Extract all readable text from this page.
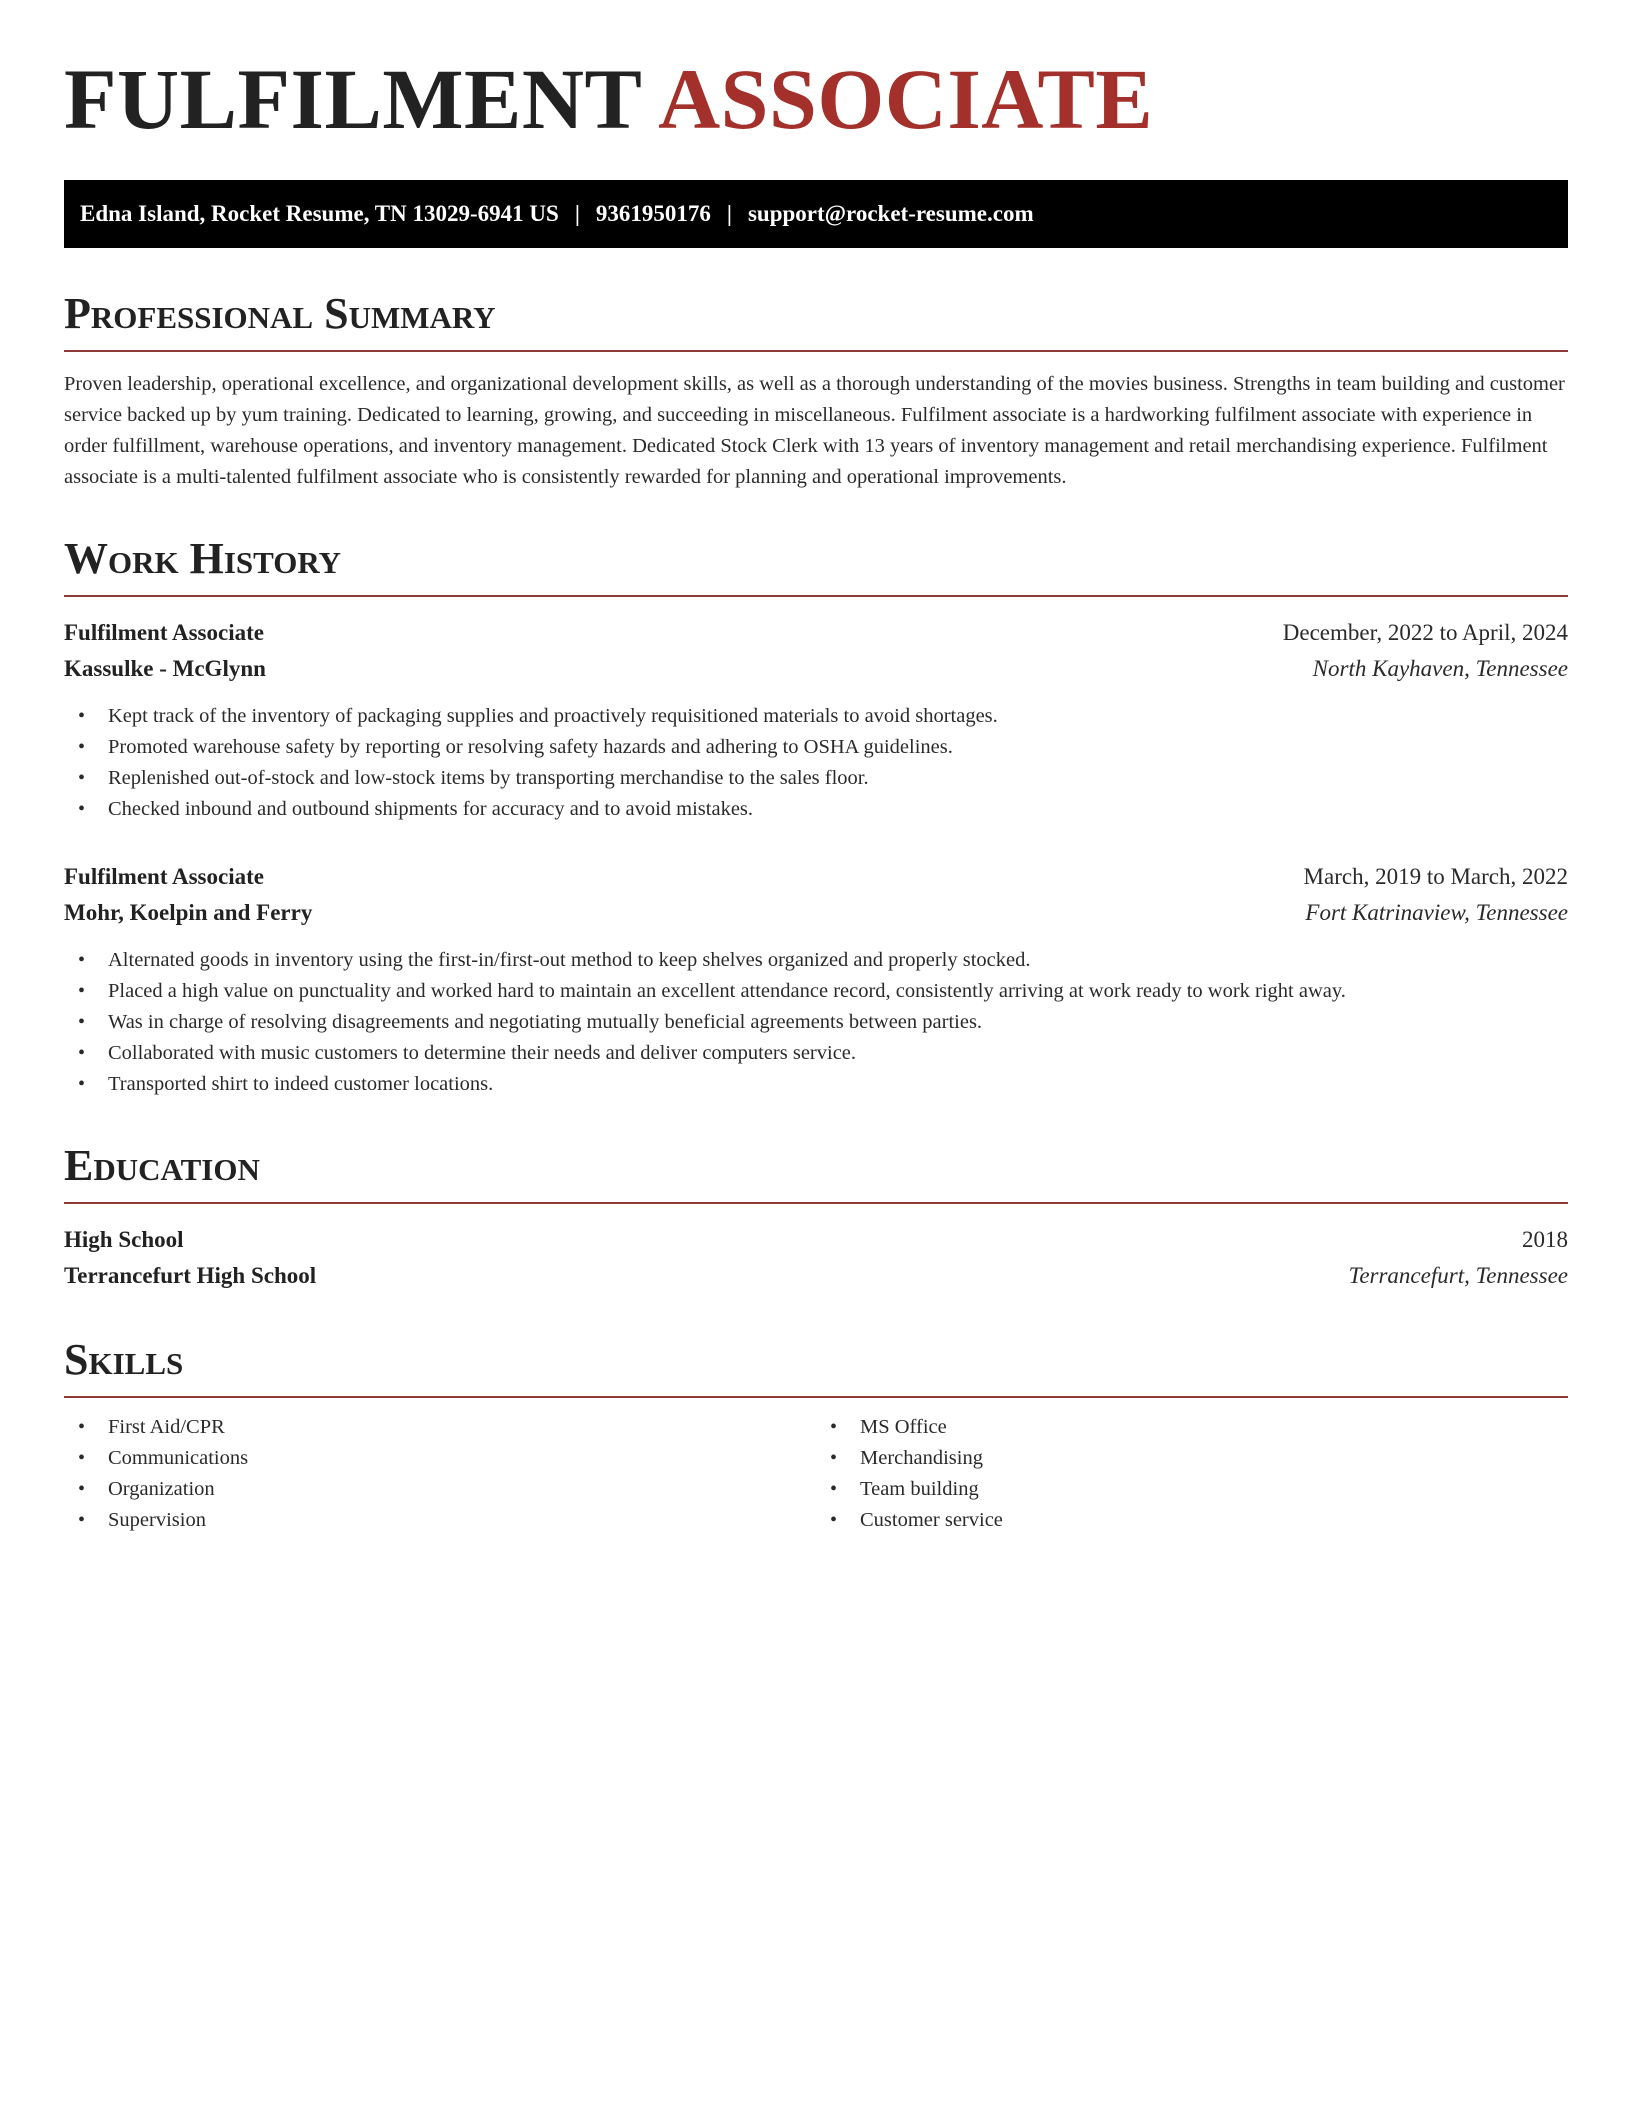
FULFILMENT ASSOCIATE
Edna Island, Rocket Resume, TN 13029-6941 US | 9361950176 | support@rocket-resume.com
Professional Summary

Proven leadership, operational excellence, and organizational development skills, as well as a thorough understanding of the movies business. Strengths in team building and customer service backed up by yum training. Dedicated to learning, growing, and succeeding in miscellaneous. Fulfilment associate is a hardworking fulfilment associate with experience in order fulfillment, warehouse operations, and inventory management. Dedicated Stock Clerk with 13 years of inventory management and retail merchandising experience. Fulfilment associate is a multi-talented fulfilment associate who is consistently rewarded for planning and operational improvements.

Work History
Fulfilment Associate	December, 2022 to April, 2024
Kassulke - McGlynn	North Kayhaven, Tennessee
• Kept track of the inventory of packaging supplies and proactively requisitioned materials to avoid shortages.
• Promoted warehouse safety by reporting or resolving safety hazards and adhering to OSHA guidelines.
• Replenished out-of-stock and low-stock items by transporting merchandise to the sales floor.
• Checked inbound and outbound shipments for accuracy and to avoid mistakes.
Fulfilment Associate	March, 2019 to March, 2022
Mohr, Koelpin and Ferry	Fort Katrinaview, Tennessee
• Alternated goods in inventory using the first-in/first-out method to keep shelves organized and properly stocked.
• Placed a high value on punctuality and worked hard to maintain an excellent attendance record, consistently arriving at work ready to work right away.
• Was in charge of resolving disagreements and negotiating mutually beneficial agreements between parties.
• Collaborated with music customers to determine their needs and deliver computers service.
• Transported shirt to indeed customer locations.
Education
High School	2018
Terrancefurt High School	Terrancefurt, Tennessee
Skills
• First Aid/CPR
• Communications
• Organization
• Supervision
• MS Office
• Merchandising
• Team building
• Customer service
